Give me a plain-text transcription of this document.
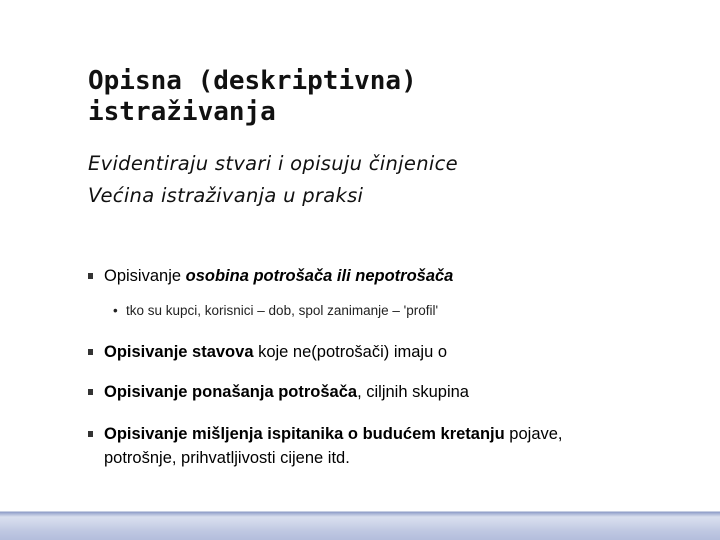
Opisna (deskriptivna)
istraživanja
Evidentiraju stvari i opisuju činjenice
Većina istraživanja u praksi
Opisivanje osobina potrošača ili nepotrošača
• tko su kupci, korisnici – dob, spol zanimanje – 'profil'
Opisivanje stavova koje ne(potrošači) imaju o
Opisivanje ponašanja potrošača, ciljnih skupina
Opisivanje mišljenja ispitanika o budućem kretanju pojave,
potrošnje, prihvatljivosti cijene itd.
